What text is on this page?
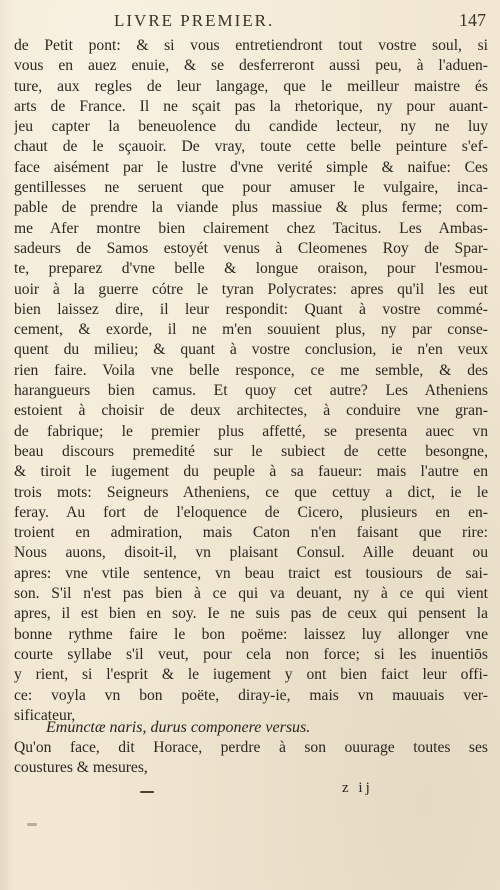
LIVRE PREMIER.	147
de Petit pont: & si vous entretiendront tout vostre soul, si
vous en auez enuie, & se desferreront aussi peu, à l'aduen-
ture, aux regles de leur langage, que le meilleur maistre és
arts de France. Il ne sçait pas la rhetorique, ny pour auant-
jeu capter la beneuolence du candide lecteur, ny ne luy
chaut de le sçauoir. De vray, toute cette belle peinture s'ef-
face aisément par le lustre d'vne verité simple & naifue: Ces
gentillesses ne seruent que pour amuser le vulgaire, inca-
pable de prendre la viande plus massiue & plus ferme; com-
me Afer montre bien clairement chez Tacitus. Les Ambas-
sadeurs de Samos estoyét venus à Cleomenes Roy de Spar-
te, preparez d'vne belle & longue oraison, pour l'esmou-
uoir à la guerre cótre le tyran Polycrates: apres qu'il les eut
bien laissez dire, il leur respondit: Quant à vostre commé-
cement, & exorde, il ne m'en souuient plus, ny par conse-
quent du milieu; & quant à vostre conclusion, ie n'en veux
rien faire. Voila vne belle responce, ce me semble, & des
harangueurs bien camus. Et quoy cet autre? Les Atheniens
estoient à choisir de deux architectes, à conduire vne gran-
de fabrique; le premier plus affetté, se presenta auec vn
beau discours premedité sur le subiect de cette besongne,
& tiroit le iugement du peuple à sa faueur: mais l'autre en
trois mots: Seigneurs Atheniens, ce que cettuy a dict, ie le
feray. Au fort de l'eloquence de Cicero, plusieurs en en-
troient en admiration, mais Caton n'en faisant que rire:
Nous auons, disoit-il, vn plaisant Consul. Aille deuant ou
apres: vne vtile sentence, vn beau traict est tousiours de sai-
son. S'il n'est pas bien à ce qui va deuant, ny à ce qui vient
apres, il est bien en soy. Ie ne suis pas de ceux qui pensent la
bonne rythme faire le bon poëme: laissez luy allonger vne
courte syllabe s'il veut, pour cela non force; si les inuentiōs
y rient, si l'esprit & le iugement y ont bien faict leur offi-
ce: voyla vn bon poëte, diray-ie, mais vn mauuais ver-
sificateur,
Emunctæ naris, durus componere versus.
Qu'on face, dit Horace, perdre à son ouurage toutes ses
coustures & mesures,
z ij
